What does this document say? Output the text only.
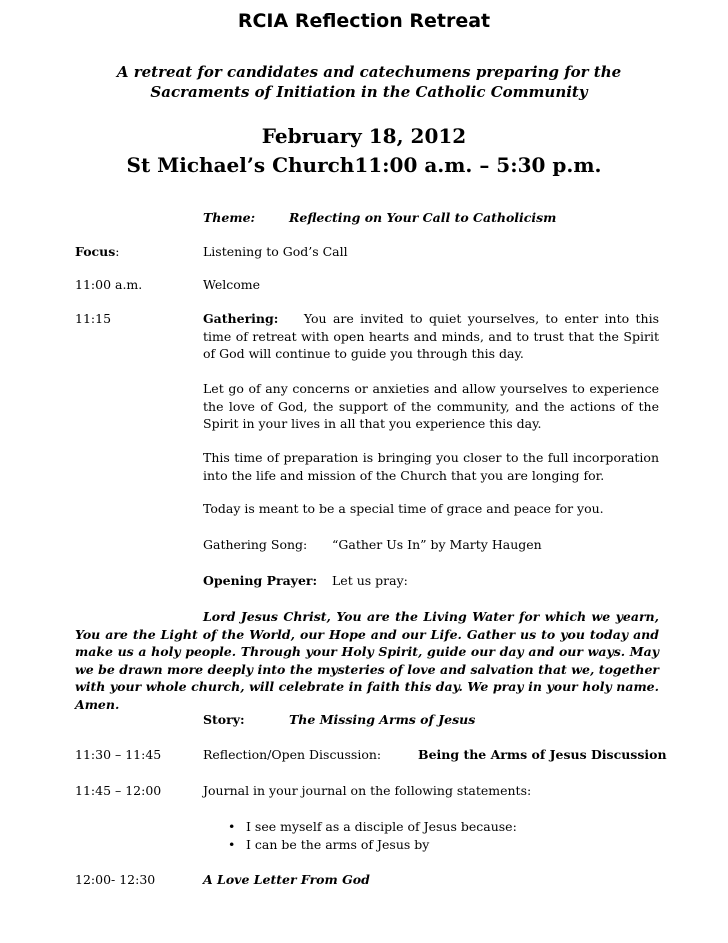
RCIA Reflection Retreat
A retreat for candidates and catechumens preparing for the Sacraments of Initiation in the Catholic Community
February 18, 2012
St Michael’s Church11:00 a.m. – 5:30 p.m.
Theme:	Reflecting on Your Call to Catholicism
Focus:	Listening to God’s Call
11:00 a.m.	Welcome
11:15	Gathering: You are invited to quiet yourselves, to enter into this time of retreat with open hearts and minds, and to trust that the Spirit of God will continue to guide you through this day.
Let go of any concerns or anxieties and allow yourselves to experience the love of God, the support of the community, and the actions of the Spirit in your lives in all that you experience this day.
This time of preparation is bringing you closer to the full incorporation into the life and mission of the Church that you are longing for.
Today is meant to be a special time of grace and peace for you.
Gathering Song: “Gather Us In” by Marty Haugen
Opening Prayer: Let us pray:
Lord Jesus Christ, You are the Living Water for which we yearn, You are the Light of the World, our Hope and our Life. Gather us to you today and make us a holy people. Through your Holy Spirit, guide our day and our ways. May we be drawn more deeply into the mysteries of love and salvation that we, together with your whole church, will celebrate in faith this day. We pray in your holy name. Amen.
Story:	The Missing Arms of Jesus
11:30 – 11:45	Reflection/Open Discussion:	Being the Arms of Jesus Discussion
11:45 – 12:00	Journal in your journal on the following statements:
• I see myself as a disciple of Jesus because:
• I can be the arms of Jesus by
12:00- 12:30	A Love Letter From God
